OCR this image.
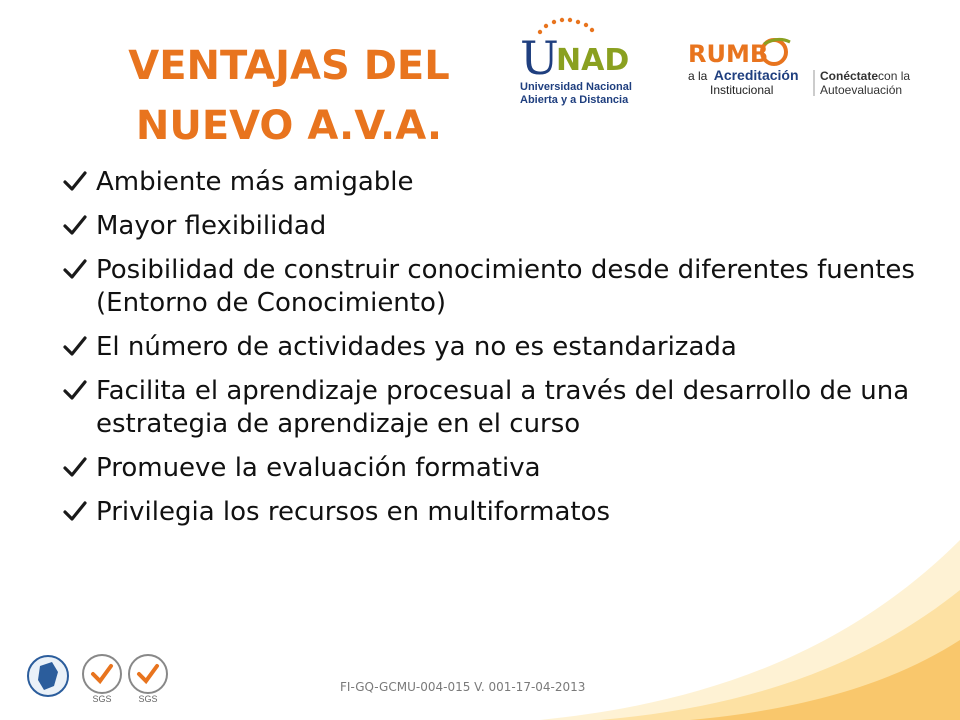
VENTAJAS DEL NUEVO A.V.A.
U
NAD
Universidad Nacional
Abierta y a Distancia
RUMB
a la Acreditación
Institucional
Conéctatecon la
Autoevaluación
Ambiente más amigable
Mayor flexibilidad
Posibilidad de construir conocimiento desde diferentes fuentes (Entorno de Conocimiento)
El número de actividades ya no es estandarizada
Facilita el aprendizaje procesual a través del desarrollo de una estrategia de aprendizaje en el curso
Promueve la evaluación formativa
Privilegia los recursos en multiformatos
SGS	SGS
FI-GQ-GCMU-004-015 V. 001-17-04-2013
